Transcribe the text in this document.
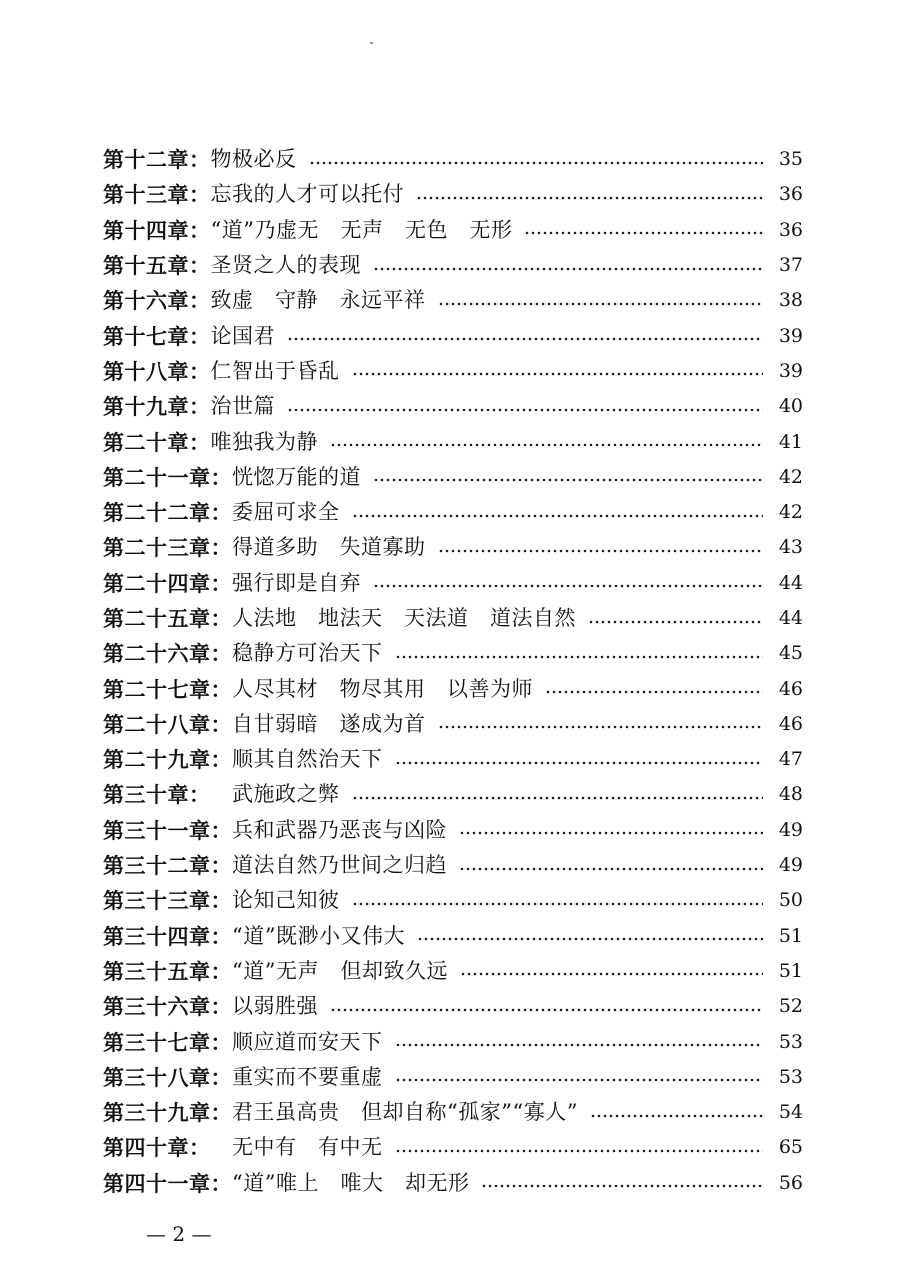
第十二章： 物极必反	35
第十三章： 忘我的人才可以托付	36
第十四章： “道”乃虚无　无声　无色　无形	36
第十五章： 圣贤之人的表现	37
第十六章： 致虚　守静　永远平祥	38
第十七章： 论国君	39
第十八章： 仁智出于昏乱	39
第十九章： 治世篇	40
第二十章： 唯独我为静	41
第二十一章： 恍惚万能的道	42
第二十二章： 委屈可求全	42
第二十三章： 得道多助　失道寡助	43
第二十四章： 强行即是自弃	44
第二十五章： 人法地　地法天　天法道　道法自然	44
第二十六章： 稳静方可治天下	45
第二十七章： 人尽其材　物尽其用　以善为师	46
第二十八章： 自甘弱暗　遂成为首	46
第二十九章： 顺其自然治天下	47
第三十章： 　武施政之弊	48
第三十一章： 兵和武器乃恶丧与凶险	49
第三十二章： 道法自然乃世间之归趋	49
第三十三章： 论知己知彼	50
第三十四章： “道”既渺小又伟大	51
第三十五章： “道”无声　但却致久远	51
第三十六章： 以弱胜强	52
第三十七章： 顺应道而安天下	53
第三十八章： 重实而不要重虚	53
第三十九章： 君王虽高贵　但却自称“孤家”“寡人”	54
第四十章： 　无中有　有中无	65
第四十一章： “道”唯上　唯大　却无形	56
— 2 —
